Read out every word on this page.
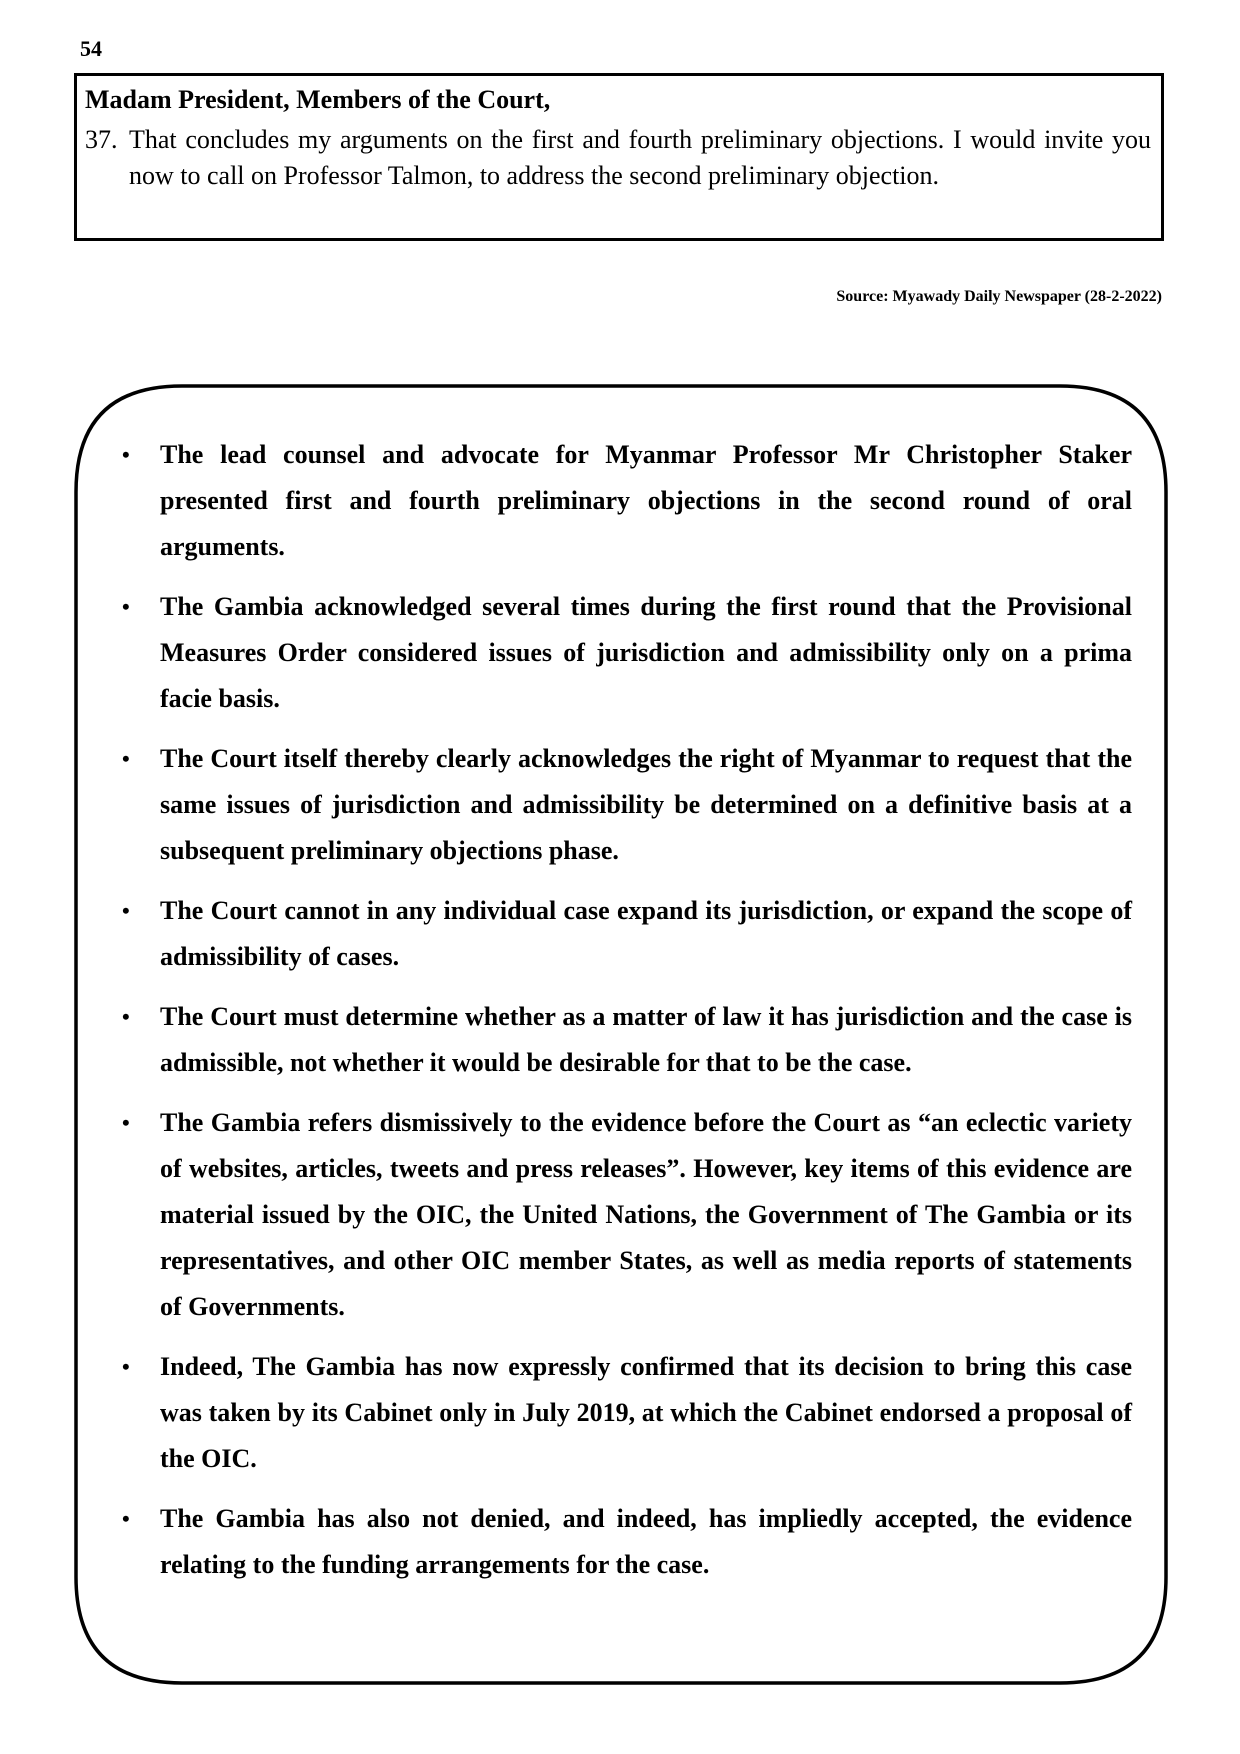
54

Madam President, Members of the Court,

37. That concludes my arguments on the first and fourth preliminary objections. I would invite you now to call on Professor Talmon, to address the second preliminary objection.

Source: Myawady Daily Newspaper (28-2-2022)
• The lead counsel and advocate for Myanmar Professor Mr Christopher Staker presented first and fourth preliminary objections in the second round of oral arguments.
• The Gambia acknowledged several times during the first round that the Provisional Measures Order considered issues of jurisdiction and admissibility only on a prima facie basis.
• The Court itself thereby clearly acknowledges the right of Myanmar to request that the same issues of jurisdiction and admissibility be determined on a definitive basis at a subsequent preliminary objections phase.
• The Court cannot in any individual case expand its jurisdiction, or expand the scope of admissibility of cases.
• The Court must determine whether as a matter of law it has jurisdiction and the case is admissible, not whether it would be desirable for that to be the case.
• The Gambia refers dismissively to the evidence before the Court as “an eclectic variety of websites, articles, tweets and press releases”. However, key items of this evidence are material issued by the OIC, the United Nations, the Government of The Gambia or its representatives, and other OIC member States, as well as media reports of statements of Governments.
• Indeed, The Gambia has now expressly confirmed that its decision to bring this case was taken by its Cabinet only in July 2019, at which the Cabinet endorsed a proposal of the OIC.
• The Gambia has also not denied, and indeed, has impliedly accepted, the evidence relating to the funding arrangements for the case.
